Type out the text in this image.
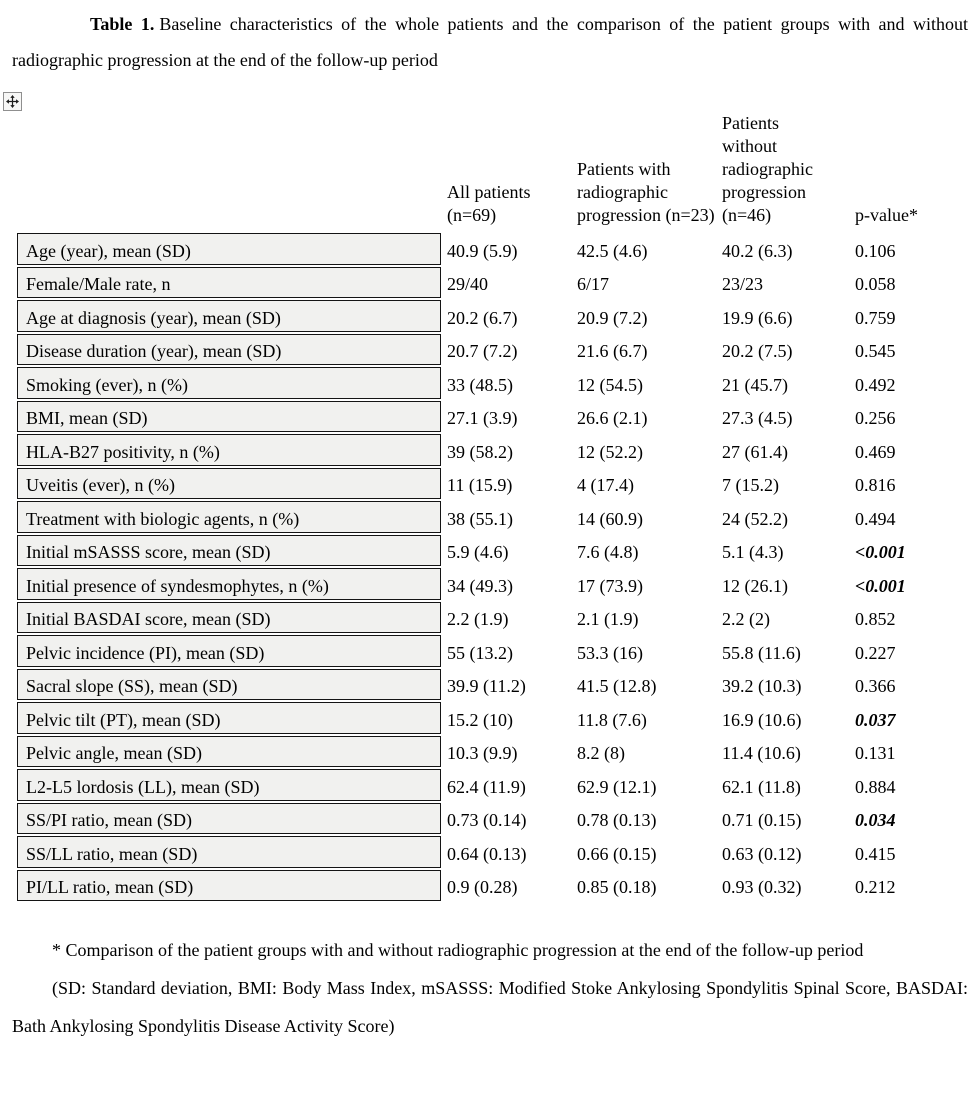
Table 1. Baseline characteristics of the whole patients and the comparison of the patient groups with and without radiographic progression at the end of the follow-up period

	All patients (n=69)	Patients with radiographic progression (n=23)	Patients without radiographic progression (n=46)	p-value*
Age (year), mean (SD)	40.9 (5.9)	42.5 (4.6)	40.2 (6.3)	0.106
Female/Male rate, n	29/40	6/17	23/23	0.058
Age at diagnosis (year), mean (SD)	20.2 (6.7)	20.9 (7.2)	19.9 (6.6)	0.759
Disease duration (year), mean (SD)	20.7 (7.2)	21.6 (6.7)	20.2 (7.5)	0.545
Smoking (ever), n (%)	33 (48.5)	12 (54.5)	21 (45.7)	0.492
BMI, mean (SD)	27.1 (3.9)	26.6 (2.1)	27.3 (4.5)	0.256
HLA-B27 positivity, n (%)	39 (58.2)	12 (52.2)	27 (61.4)	0.469
Uveitis (ever), n (%)	11 (15.9)	4 (17.4)	7 (15.2)	0.816
Treatment with biologic agents, n (%)	38 (55.1)	14 (60.9)	24 (52.2)	0.494
Initial mSASSS score, mean (SD)	5.9 (4.6)	7.6 (4.8)	5.1 (4.3)	<0.001
Initial presence of syndesmophytes, n (%)	34 (49.3)	17 (73.9)	12 (26.1)	<0.001
Initial BASDAI score, mean (SD)	2.2 (1.9)	2.1 (1.9)	2.2 (2)	0.852
Pelvic incidence (PI), mean (SD)	55 (13.2)	53.3 (16)	55.8 (11.6)	0.227
Sacral slope (SS), mean (SD)	39.9 (11.2)	41.5 (12.8)	39.2 (10.3)	0.366
Pelvic tilt (PT), mean (SD)	15.2 (10)	11.8 (7.6)	16.9 (10.6)	0.037
Pelvic angle, mean (SD)	10.3 (9.9)	8.2 (8)	11.4 (10.6)	0.131
L2-L5 lordosis (LL), mean (SD)	62.4 (11.9)	62.9 (12.1)	62.1 (11.8)	0.884
SS/PI ratio, mean (SD)	0.73 (0.14)	0.78 (0.13)	0.71 (0.15)	0.034
SS/LL ratio, mean (SD)	0.64 (0.13)	0.66 (0.15)	0.63 (0.12)	0.415
PI/LL ratio, mean (SD)	0.9 (0.28)	0.85 (0.18)	0.93 (0.32)	0.212

* Comparison of the patient groups with and without radiographic progression at the end of the follow-up period

(SD: Standard deviation, BMI: Body Mass Index, mSASSS: Modified Stoke Ankylosing Spondylitis Spinal Score, BASDAI: Bath Ankylosing Spondylitis Disease Activity Score)
